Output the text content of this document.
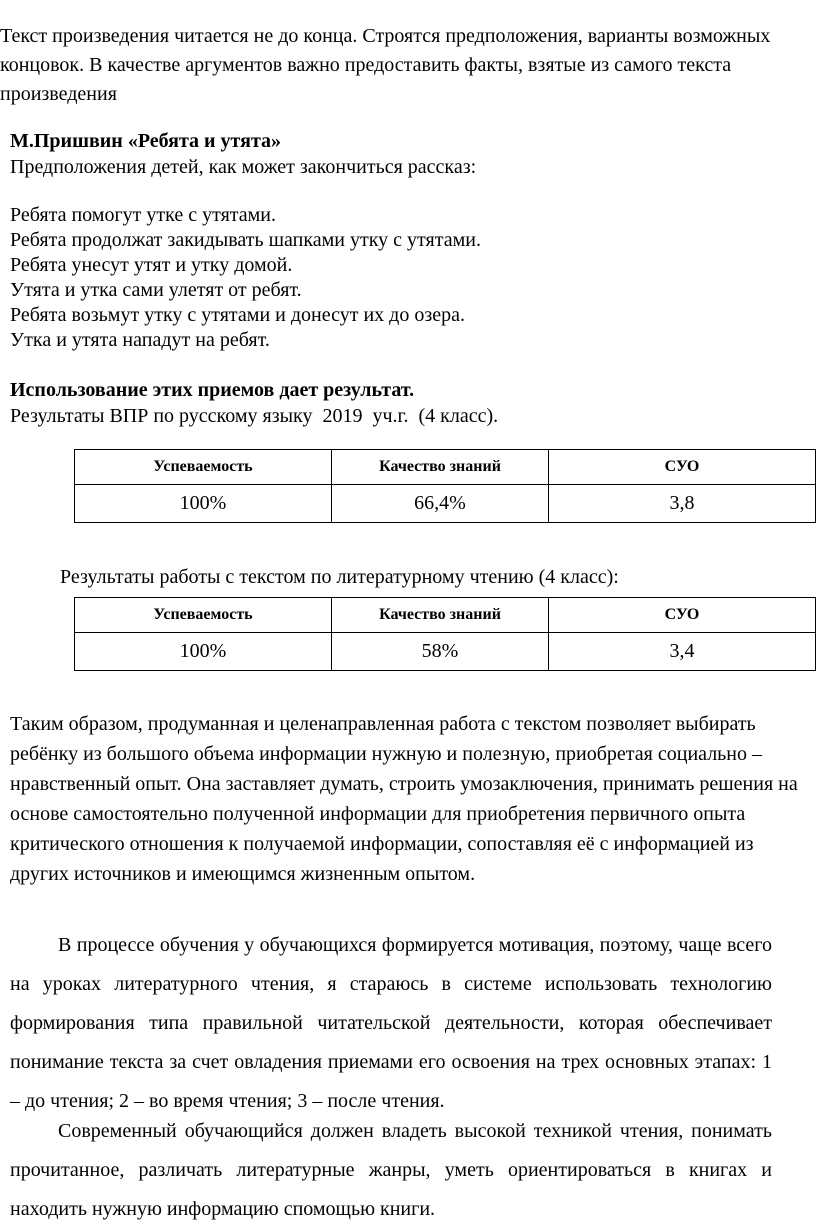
Текст произведения читается не до конца. Строятся предположения, варианты возможных концовок. В качестве аргументов важно предоставить факты, взятые из самого текста произведения

М.Пришвин «Ребята и утята»
Предположения детей, как может закончиться рассказ:
Ребята помогут утке с утятами.
Ребята продолжат закидывать шапками утку с утятами.
Ребята унесут утят и утку домой.
Утята и утка сами улетят от ребят.
Ребята возьмут утку с утятами и донесут их до озера.
Утка и утята нападут на ребят.
Использование этих приемов дает результат.
Результаты ВПР по русскому языку  2019  уч.г.  (4 класс).
Успеваемость	Качество знаний	СУО
100%	66,4%	3,8
Результаты работы с текстом по литературному чтению (4 класс):
Успеваемость	Качество знаний	СУО
100%	58%	3,4

Таким образом, продуманная и целенаправленная работа с текстом позволяет выбирать ребёнку из большого объема информации нужную и полезную, приобретая социально – нравственный опыт. Она заставляет думать, строить умозаключения, принимать решения на основе самостоятельно полученной информации для приобретения первичного опыта критического отношения к получаемой информации, сопоставляя её с информацией из других источников и имеющимся жизненным опытом.

В процессе обучения у обучающихся формируется мотивация, поэтому, чаще всего на уроках литературного чтения, я стараюсь в системе использовать технологию формирования типа правильной читательской деятельности, которая обеспечивает понимание текста за счет овладения приемами его освоения на трех основных этапах: 1 – до чтения; 2 – во время чтения; 3 – после чтения.

Современный обучающийся должен владеть высокой техникой чтения, понимать прочитанное, различать литературные жанры, уметь ориентироваться в книгах и находить нужную информацию спомощью книги.
